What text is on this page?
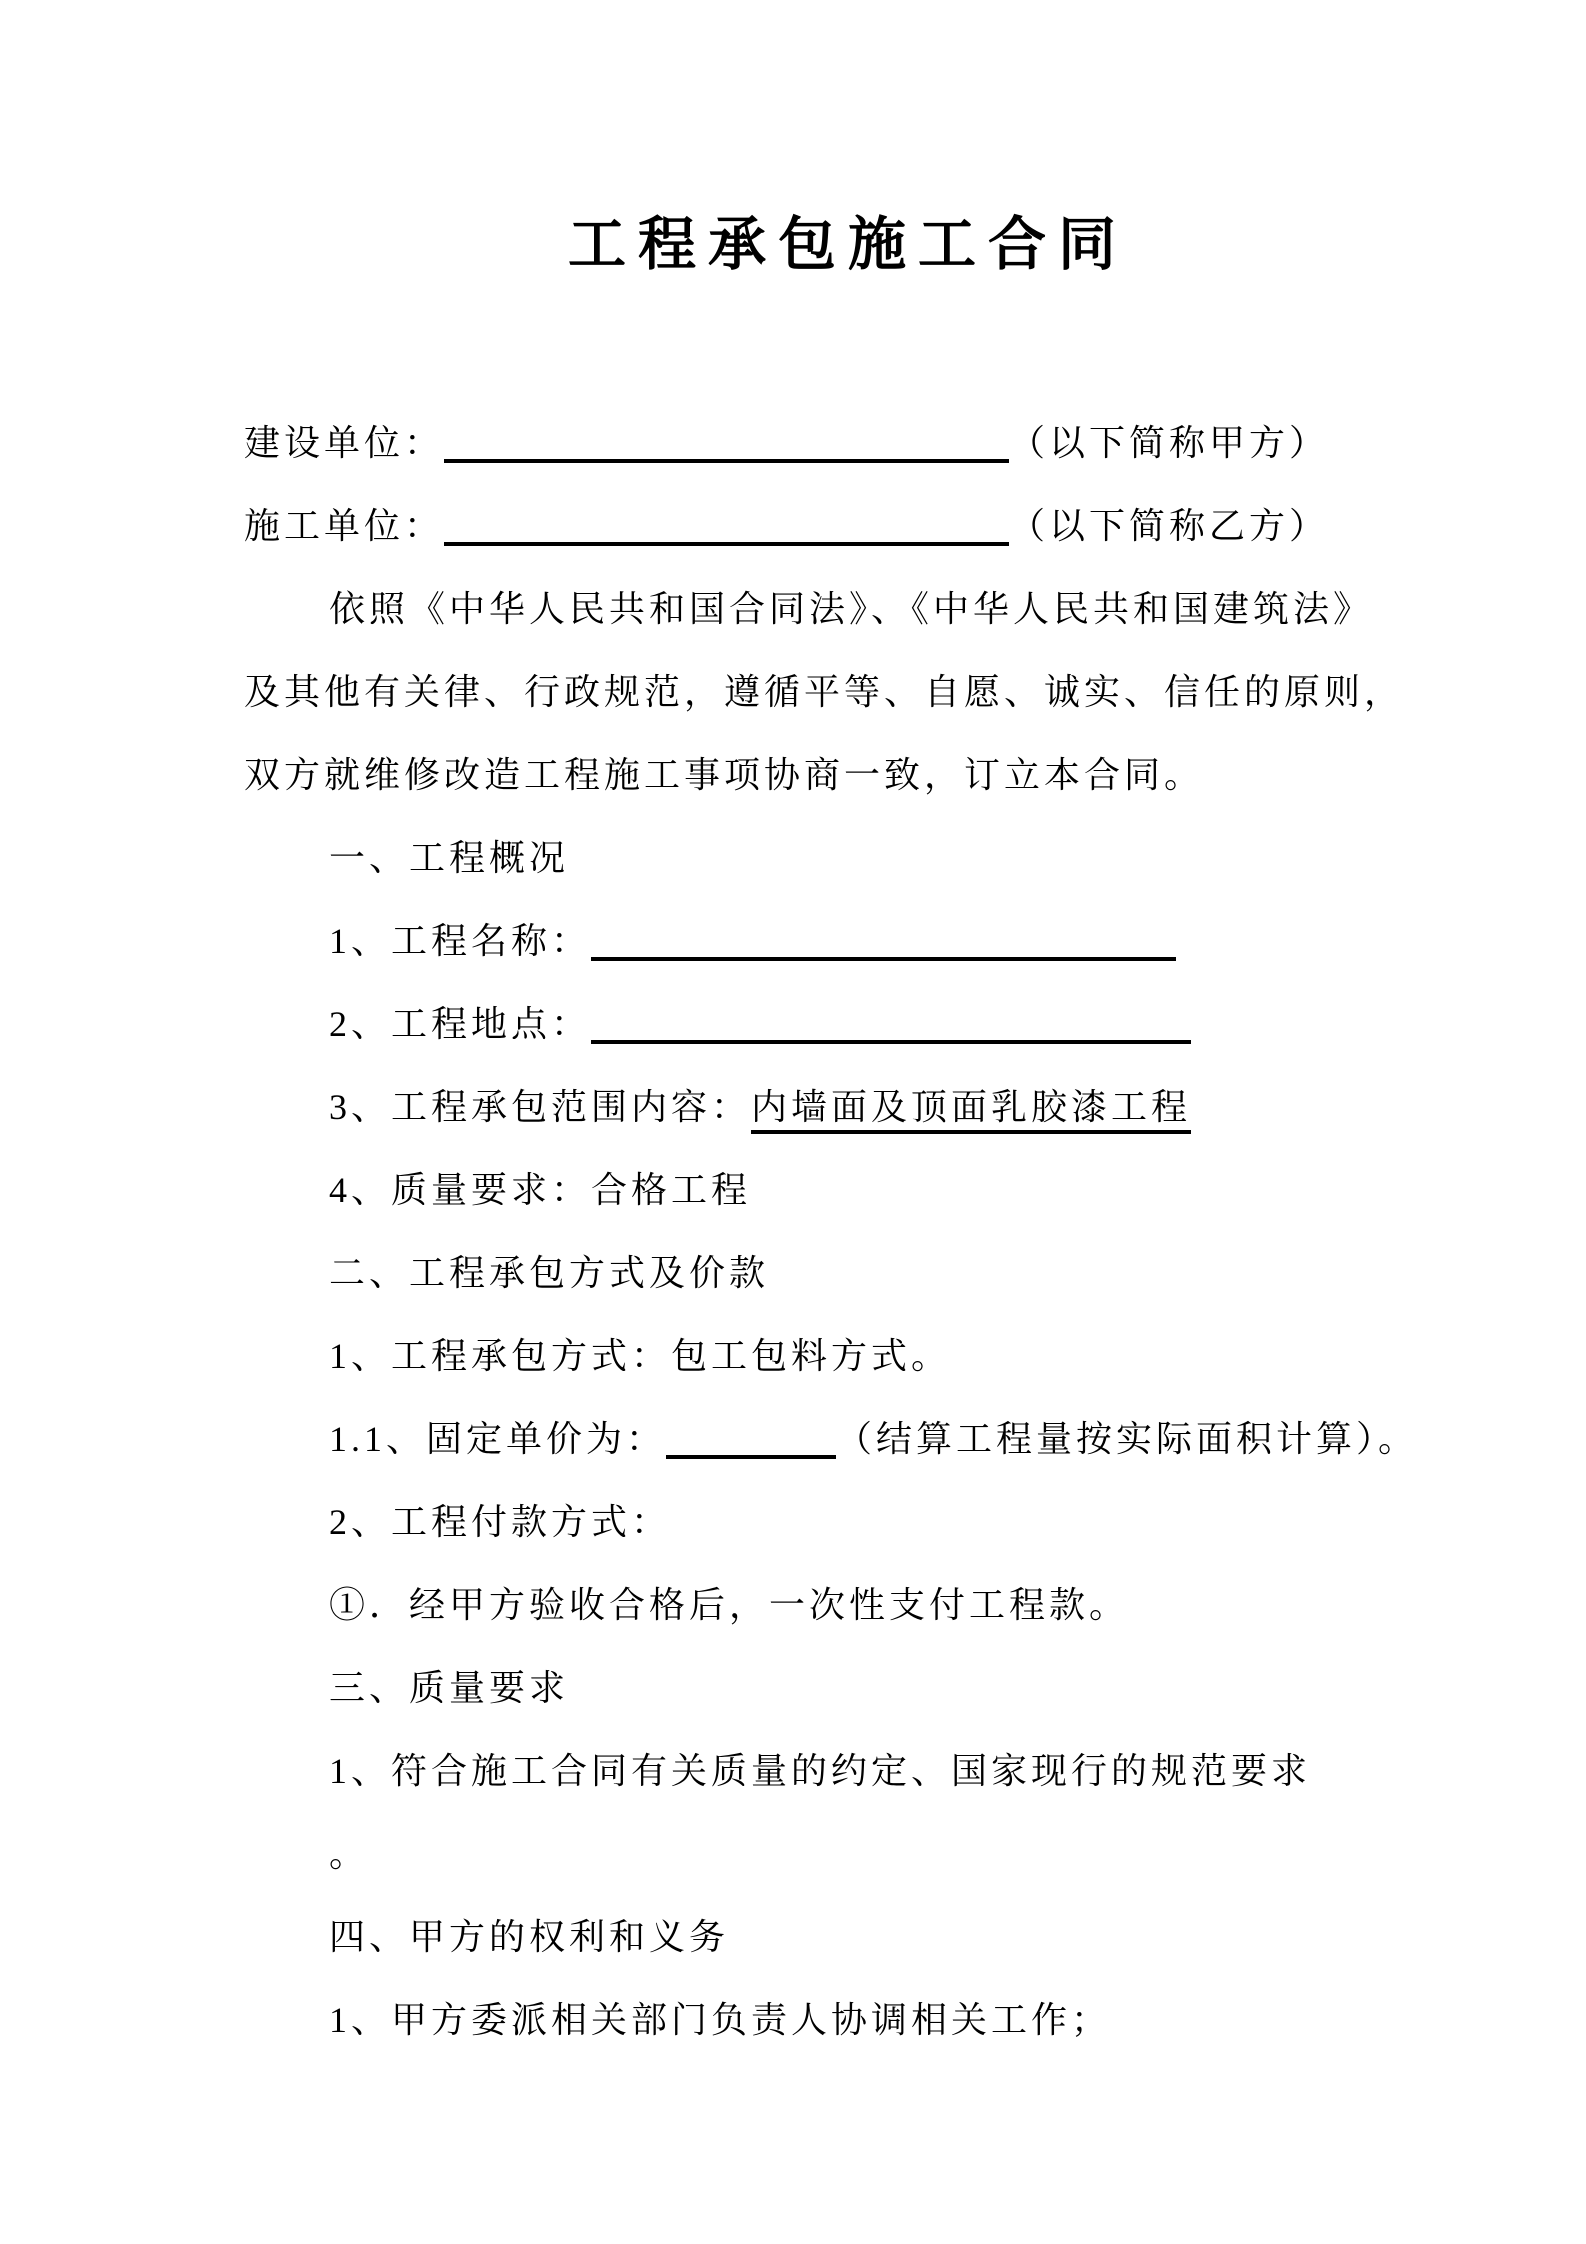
工程承包施工合同
建设单位：	（以下简称甲方）
施工单位：	（以下简称乙方）
依照《中华人民共和国合同法》、《中华人民共和国建筑法》
及其他有关律、行政规范，遵循平等、自愿、诚实、信任的原则，
双方就维修改造工程施工事项协商一致，订立本合同。
一、工程概况
1、工程名称：
2、工程地点：
3、工程承包范围内容：内墙面及顶面乳胶漆工程
4、质量要求：合格工程
二、工程承包方式及价款
1、工程承包方式：包工包料方式。
1.1、固定单价为：	（结算工程量按实际面积计算）。
2、工程付款方式：
①．经甲方验收合格后，一次性支付工程款。
三、质量要求
1、符合施工合同有关质量的约定、国家现行的规范要求
。
四、甲方的权利和义务
1、甲方委派相关部门负责人协调相关工作；
